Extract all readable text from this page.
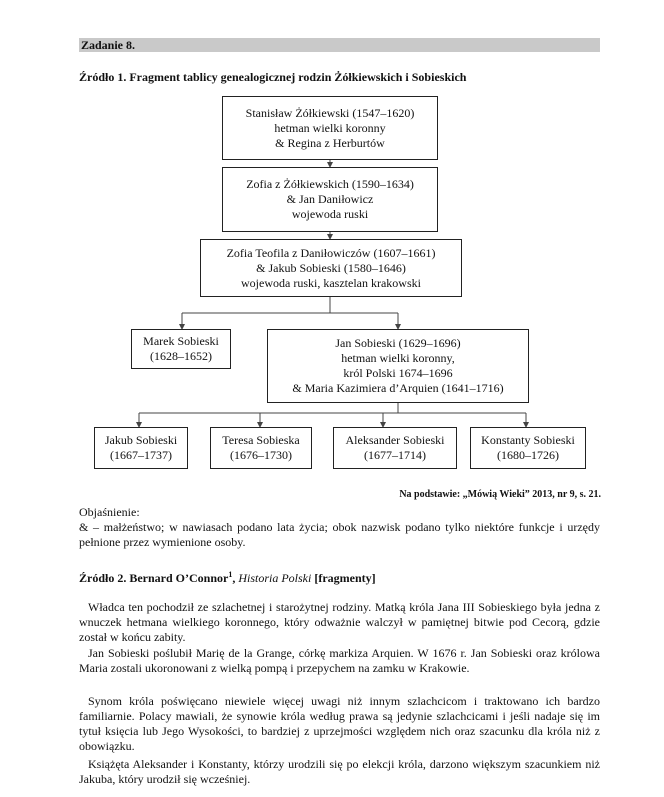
Zadanie 8.
Źródło 1. Fragment tablicy genealogicznej rodzin Żółkiewskich i Sobieskich
Stanisław Żółkiewski (1547–1620)
hetman wielki koronny
& Regina z Herburtów
Zofia z Żółkiewskich (1590–1634)
& Jan Daniłowicz
wojewoda ruski
Zofia Teofila z Daniłowiczów (1607–1661)
& Jakub Sobieski (1580–1646)
wojewoda ruski, kasztelan krakowski
Marek Sobieski
(1628–1652)
Jan Sobieski (1629–1696)
hetman wielki koronny,
król Polski 1674–1696
& Maria Kazimiera d’Arquien (1641–1716)
Jakub Sobieski
(1667–1737)
Teresa Sobieska
(1676–1730)
Aleksander Sobieski
(1677–1714)
Konstanty Sobieski
(1680–1726)
Na podstawie: „Mówią Wieki” 2013, nr 9, s. 21.
Objaśnienie:
& – małżeństwo; w nawiasach podano lata życia; obok nazwisk podano tylko niektóre funkcje i urzędy pełnione przez wymienione osoby.
Źródło 2. Bernard O’Connor$^1$, Historia Polski [fragmenty]
Władca ten pochodził ze szlachetnej i starożytnej rodziny. Matką króla Jana III Sobieskiego była jedna z wnuczek hetmana wielkiego koronnego, który odważnie walczył w pamiętnej bitwie pod Cecorą, gdzie został w końcu zabity.
Jan Sobieski poślubił Marię de la Grange, córkę markiza Arquien. W 1676 r. Jan Sobieski oraz królowa Maria zostali ukoronowani z wielką pompą i przepychem na zamku w Krakowie.
Synom króla poświęcano niewiele więcej uwagi niż innym szlachcicom i traktowano ich bardzo familiarnie. Polacy mawiali, że synowie króla według prawa są jedynie szlachcicami i jeśli nadaje się im tytuł księcia lub Jego Wysokości, to bardziej z uprzejmości względem nich oraz szacunku dla króla niż z obowiązku.
Książęta Aleksander i Konstanty, którzy urodzili się po elekcji króla, darzono większym szacunkiem niż Jakuba, który urodził się wcześniej.
